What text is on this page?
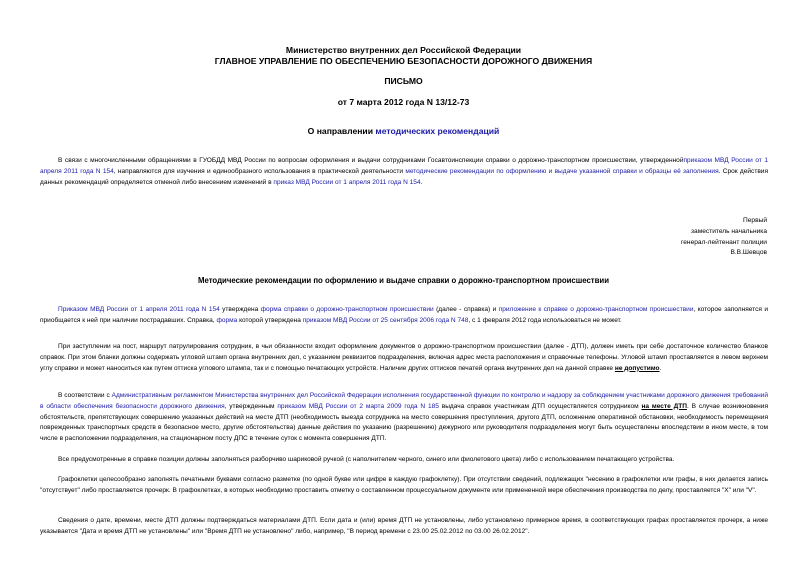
Министерство внутренних дел Российской Федерации
ГЛАВНОЕ УПРАВЛЕНИЕ ПО ОБЕСПЕЧЕНИЮ БЕЗОПАСНОСТИ ДОРОЖНОГО ДВИЖЕНИЯ
ПИСЬМО
от 7 марта 2012 года N 13/12-73
О направлении методических рекомендаций
В связи с многочисленными обращениями в ГУОБДД МВД России по вопросам оформления и выдачи сотрудниками Госавтоинспекции справки о дорожно-транспортном происшествии, утвержденнойприказом МВД России от 1 апреля 2011 года N 154, направляются для изучения и единообразного использования в практической деятельности методические рекомендации по оформлению и выдаче указанной справки и образцы её заполнения. Срок действия данных рекомендаций определяется отменой либо внесением изменений в приказ МВД России от 1 апреля 2011 года N 154.
Первый
заместитель начальника
генерал-лейтенант полиции
В.В.Шевцов
Методические рекомендации по оформлению и выдаче справки о дорожно-транспортном происшествии
Приказом МВД России от 1 апреля 2011 года N 154 утверждена форма справки о дорожно-транспортном происшествии (далее - справка) и приложение к справке о дорожно-транспортном происшествии, которое заполняется и приобщается к ней при наличии пострадавших. Справка, форма которой утверждена приказом МВД России от 25 сентября 2006 года N 748, с 1 февраля 2012 года использоваться не может.
При заступлении на пост, маршрут патрулирования сотрудник, в чьи обязанности входит оформление документов о дорожно-транспортном происшествии (далее - ДТП), должен иметь при себе достаточное количество бланков справок. При этом бланки должны содержать угловой штамп органа внутренних дел, с указанием реквизитов подразделения, включая адрес места расположения и справочные телефоны. Угловой штамп проставляется в левом верхнем углу справки и может наноситься как путем оттиска углового штампа, так и с помощью печатающих устройств. Наличие других оттисков печатей органа внутренних дел на данной справке не допустимо.
В соответствии с Административным регламентом Министерства внутренних дел Российской Федерации исполнения государственной функции по контролю и надзору за соблюдением участниками дорожного движения требований в области обеспечения безопасности дорожного движения, утвержденным приказом МВД России от 2 марта 2009 года N 185 выдача справок участникам ДТП осуществляется сотрудником на месте ДТП. В случае возникновения обстоятельств, препятствующих совершению указанных действий на месте ДТП (необходимость выезда сотрудника на место совершения преступления, другого ДТП, осложнение оперативной обстановки, необходимость перемещения поврежденных транспортных средств в безопасное место, другие обстоятельства) данные действия по указанию (разрешению) дежурного или руководителя подразделения могут быть осуществлены впоследствии в ином месте, в том числе в расположении подразделения, на стационарном посту ДПС в течение суток с момента совершения ДТП.
Все предусмотренные в справке позиции должны заполняться разборчиво шариковой ручкой (с наполнителем черного, синего или фиолетового цвета) либо с использованием печатающего устройства.
Графоклетки целесообразно заполнять печатными буквами согласно разметке (по одной букве или цифре в каждую графоклетку). При отсутствии сведений, подлежащих "несению в графоклетки или графы, в них делается запись "отсутствует" либо проставляется прочерк. В графоклетках, в которых необходимо проставить отметку о составленном процессуальном документе или примененной мере обеспечения производства по делу, проставляется "X" или "V".
Сведения о дате, времени, месте ДТП должны подтверждаться материалами ДТП. Если дата и (или) время ДТП не установлены, либо установлено примерное время, в соответствующих графах проставляется прочерк, а ниже указывается "Дата и время ДТП не установлены" или "Время ДТП не установлено" либо, например, "В период времени с 23.00 25.02.2012 по 03.00 26.02.2012".
